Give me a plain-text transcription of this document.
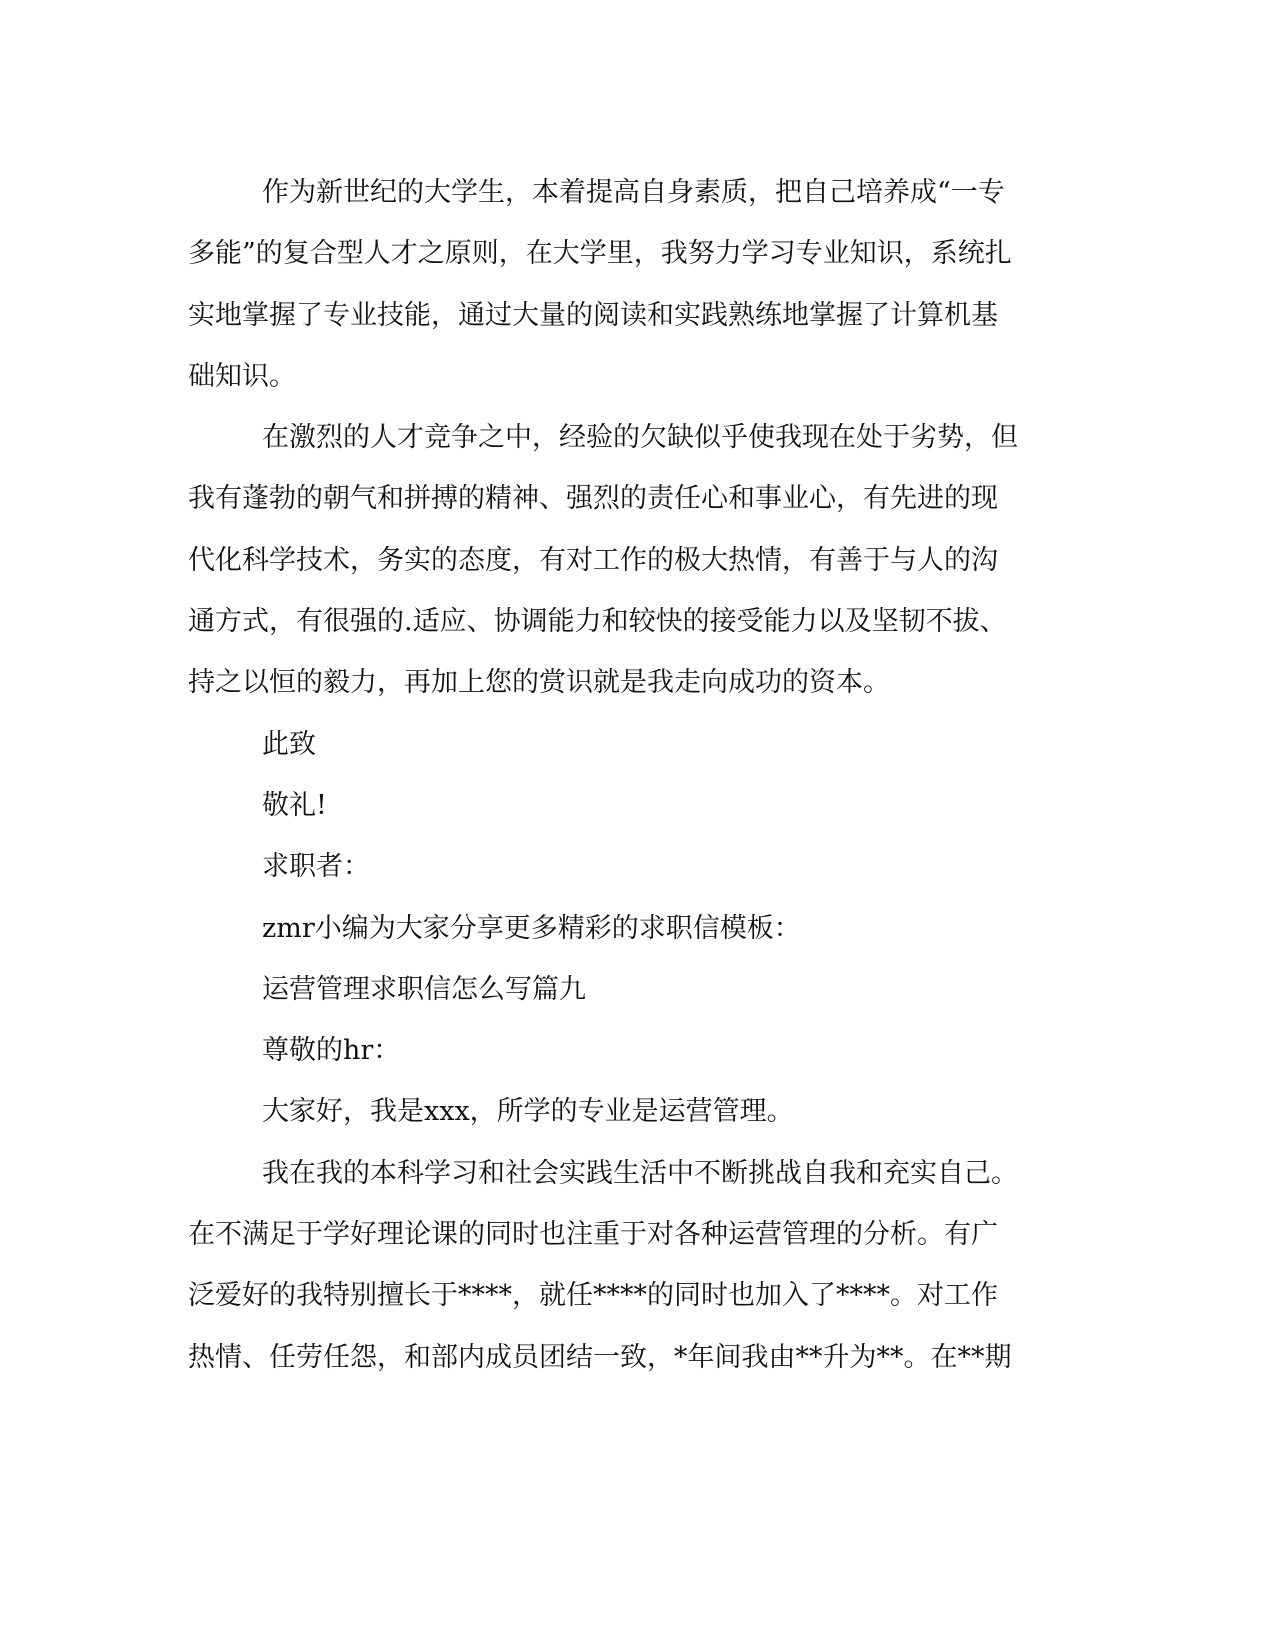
作为新世纪的大学生，本着提高自身素质，把自己培养成“一专
多能”的复合型人才之原则，在大学里，我努力学习专业知识，系统扎
实地掌握了专业技能，通过大量的阅读和实践熟练地掌握了计算机基
础知识。

在激烈的人才竞争之中，经验的欠缺似乎使我现在处于劣势，但
我有蓬勃的朝气和拼搏的精神、强烈的责任心和事业心，有先进的现
代化科学技术，务实的态度，有对工作的极大热情，有善于与人的沟
通方式，有很强的.适应、协调能力和较快的接受能力以及坚韧不拔、
持之以恒的毅力，再加上您的赏识就是我走向成功的资本。

此致

敬礼!

求职者：

zmr小编为大家分享更多精彩的求职信模板：

运营管理求职信怎么写篇九

尊敬的hr：

大家好，我是xxx，所学的专业是运营管理。

我在我的本科学习和社会实践生活中不断挑战自我和充实自己。
在不满足于学好理论课的同时也注重于对各种运营管理的分析。有广
泛爱好的我特别擅长于****，就任****的同时也加入了****。对工作
热情、任劳任怨，和部内成员团结一致，*年间我由**升为**。在**期
